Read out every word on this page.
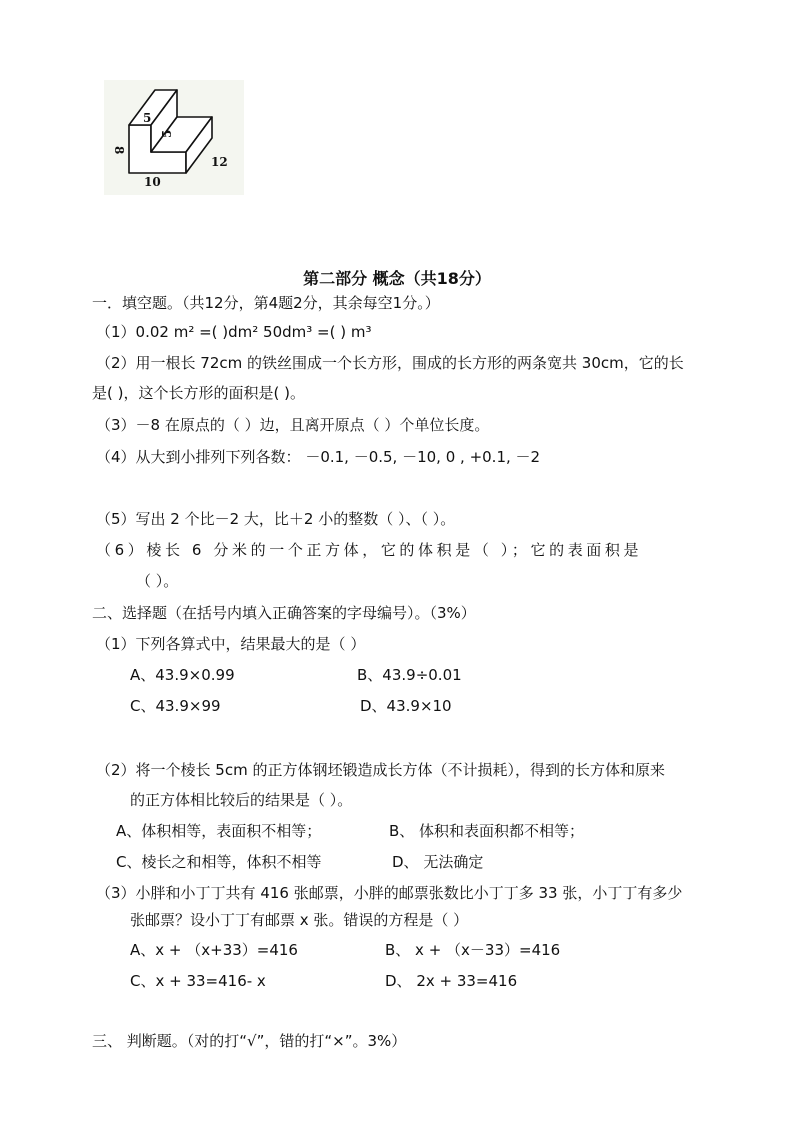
5
5
8
10
12
第二部分 概念（共18分）
一．填空题。（共12分，第4题2分，其余每空1分。）
（1）0.02 m² =( )dm² 50dm³ =( ) m³
（2）用一根长 72cm 的铁丝围成一个长方形，围成的长方形的两条宽共 30cm，它的长
是( )，这个长方形的面积是( )。
（3）－8 在原点的（ ）边，且离开原点（ ）个单位长度。
（4）从大到小排列下列各数： －0.1, －0.5, －10, 0 , +0.1, －2
（5）写出 2 个比－2 大，比＋2 小的整数（ ）、（ ）。
（6）棱长 6 分米的一个正方体，它的体积是（ ）；它的表面积是
（ ）。
二、选择题（在括号内填入正确答案的字母编号）。（3%）
（1）下列各算式中，结果最大的是（ ）
A、43.9×0.99	B、43.9÷0.01
C、43.9×99	D、43.9×10
（2）将一个棱长 5cm 的正方体钢坯锻造成长方体（不计损耗），得到的长方体和原来
的正方体相比较后的结果是（ ）。
A、体积相等，表面积不相等；	B、 体积和表面积都不相等；
C、棱长之和相等，体积不相等	D、 无法确定
（3）小胖和小丁丁共有 416 张邮票，小胖的邮票张数比小丁丁多 33 张，小丁丁有多少
张邮票？设小丁丁有邮票 x 张。错误的方程是（ ）
A、x + （x+33）=416	B、 x + （x－33）=416
C、x + 33=416- x	D、 2x + 33=416
三、 判断题。（对的打“√”，错的打“×”。3%）
